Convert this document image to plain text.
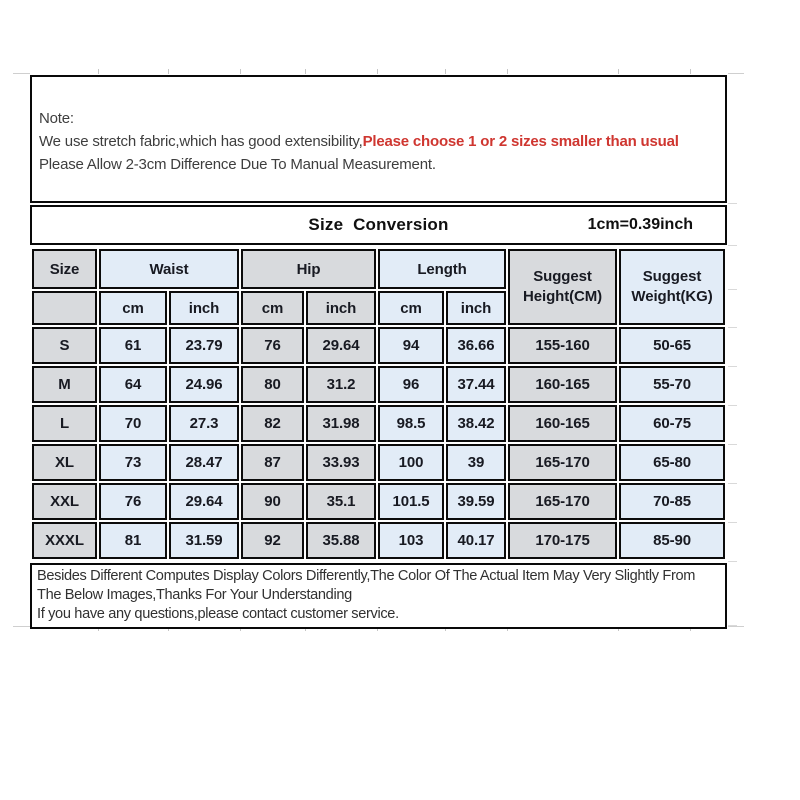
Note:
We use stretch fabric,which has good extensibility,Please choose 1 or 2 sizes smaller than usual
Please Allow 2-3cm Difference Due To Manual Measurement.
Size  Conversion	1cm=0.39inch
Size	Waist		Hip		Length		Suggest Height(CM)	Suggest Weight(KG)
	cm	inch	cm	inch	cm	inch		
S	61	23.79	76	29.64	94	36.66	155-160	50-65
M	64	24.96	80	31.2	96	37.44	160-165	55-70
L	70	27.3	82	31.98	98.5	38.42	160-165	60-75
XL	73	28.47	87	33.93	100	39	165-170	65-80
XXL	76	29.64	90	35.1	101.5	39.59	165-170	70-85
XXXL	81	31.59	92	35.88	103	40.17	170-175	85-90
Besides Different Computes Display Colors Differently,The Color Of The Actual Item May Very Slightly From
The Below Images,Thanks For Your Understanding
If you have any questions,please contact customer service.
